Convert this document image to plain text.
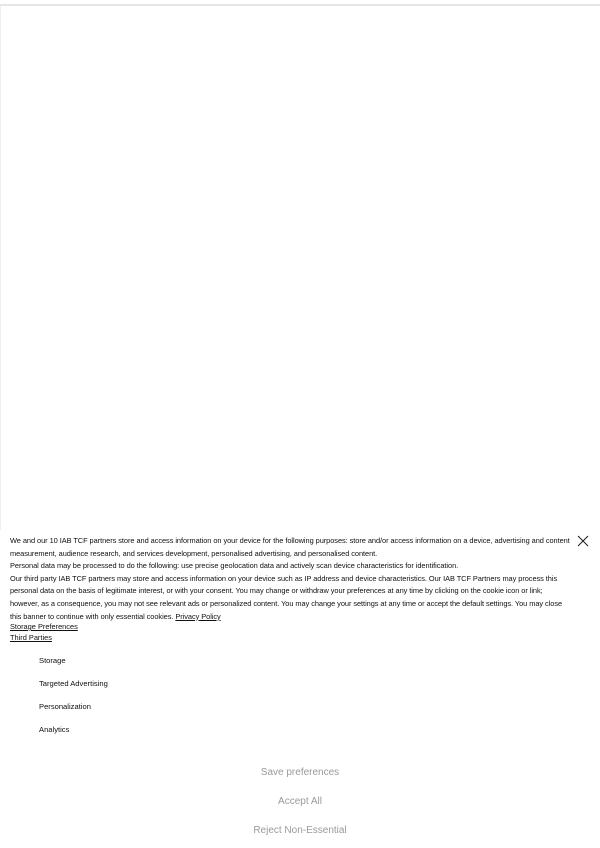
We and our 10 IAB TCF partners store and access information on your device for the following purposes: store and/or access information on a device, advertising and content measurement, audience research, and services development, personalised advertising, and personalised content.

Personal data may be processed to do the following: use precise geolocation data and actively scan device characteristics for identification.

Our third party IAB TCF partners may store and access information on your device such as IP address and device characteristics. Our IAB TCF Partners may process this personal data on the basis of legitimate interest, or with your consent. You may change or withdraw your preferences at any time by clicking on the cookie icon or link; however, as a consequence, you may not see relevant ads or personalized content. You may change your settings at any time or accept the default settings. You may close this banner to continue with only essential cookies. Privacy Policy

Storage Preferences
Third Parties
Storage
Targeted Advertising
Personalization
Analytics
Save preferences
Accept All
Reject Non-Essential
